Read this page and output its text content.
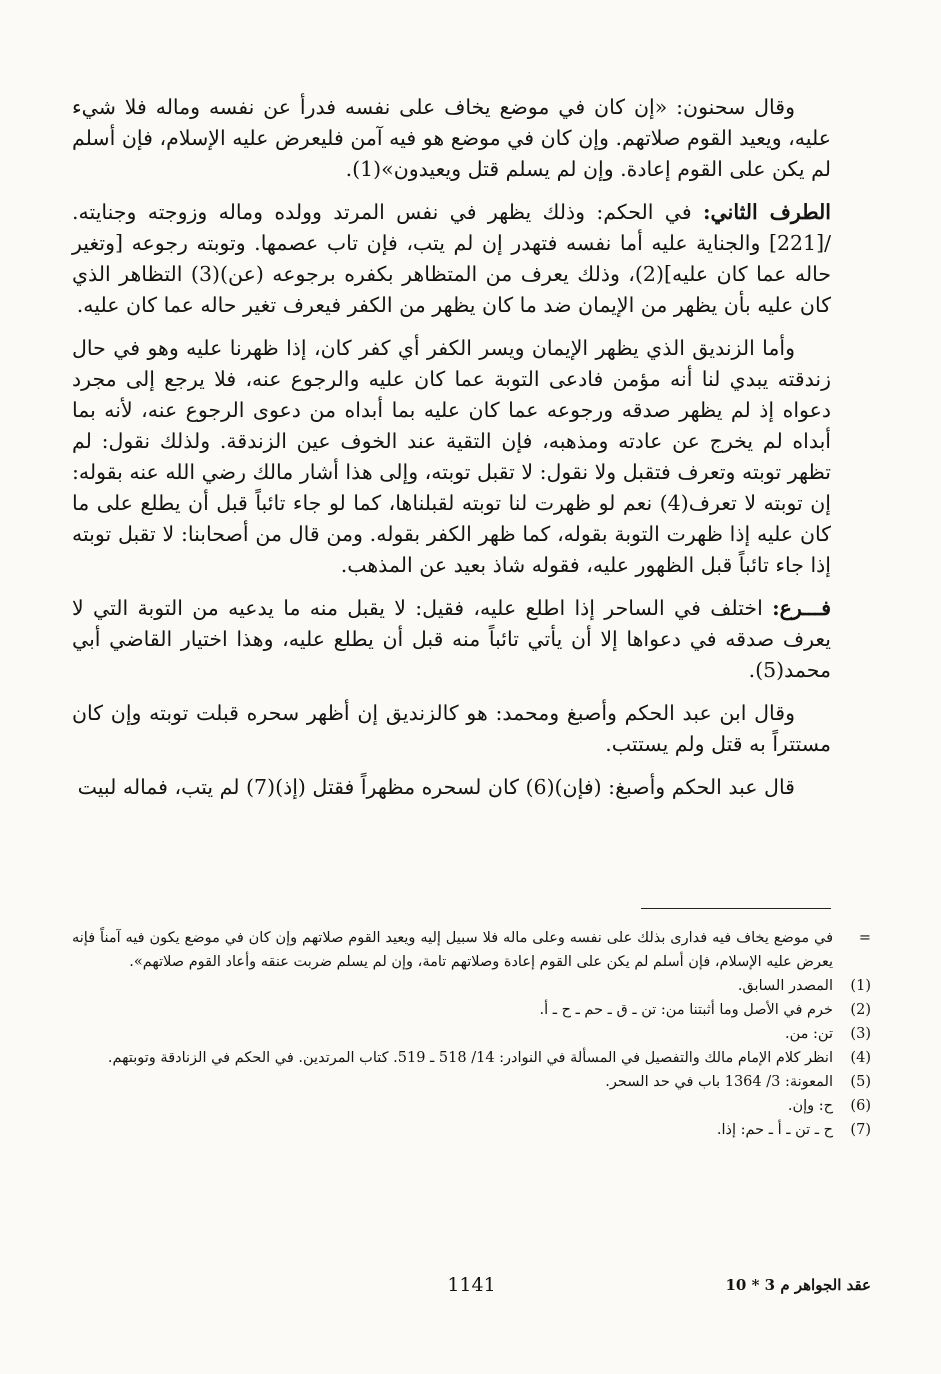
وقال سحنون: «إن كان في موضع يخاف على نفسه فدرأ عن نفسه وماله فلا شيء عليه، ويعيد القوم صلاتهم. وإن كان في موضع هو فيه آمن فليعرض عليه الإسلام، فإن أسلم لم يكن على القوم إعادة. وإن لم يسلم قتل ويعيدون»(1).

الطرف الثاني: في الحكم: وذلك يظهر في نفس المرتد وولده وماله وزوجته وجنايته. /[221] والجناية عليه أما نفسه فتهدر إن لم يتب، فإن تاب عصمها. وتوبته رجوعه [وتغير حاله عما كان عليه](2)، وذلك يعرف من المتظاهر بكفره برجوعه (عن)(3) التظاهر الذي كان عليه بأن يظهر من الإيمان ضد ما كان يظهر من الكفر فيعرف تغير حاله عما كان عليه.

وأما الزنديق الذي يظهر الإيمان ويسر الكفر أي كفر كان، إذا ظهرنا عليه وهو في حال زندقته يبدي لنا أنه مؤمن فادعى التوبة عما كان عليه والرجوع عنه، فلا يرجع إلى مجرد دعواه إذ لم يظهر صدقه ورجوعه عما كان عليه بما أبداه من دعوى الرجوع عنه، لأنه بما أبداه لم يخرج عن عادته ومذهبه، فإن التقية عند الخوف عين الزندقة. ولذلك نقول: لم تظهر توبته وتعرف فتقبل ولا نقول: لا تقبل توبته، وإلى هذا أشار مالك رضي الله عنه بقوله: إن توبته لا تعرف(4) نعم لو ظهرت لنا توبته لقبلناها، كما لو جاء تائباً قبل أن يطلع على ما كان عليه إذا ظهرت التوبة بقوله، كما ظهر الكفر بقوله. ومن قال من أصحابنا: لا تقبل توبته إذا جاء تائباً قبل الظهور عليه، فقوله شاذ بعيد عن المذهب.

فـــرع: اختلف في الساحر إذا اطلع عليه، فقيل: لا يقبل منه ما يدعيه من التوبة التي لا يعرف صدقه في دعواها إلا أن يأتي تائباً منه قبل أن يطلع عليه، وهذا اختيار القاضي أبي محمد(5).

وقال ابن عبد الحكم وأصبغ ومحمد: هو كالزنديق إن أظهر سحره قبلت توبته وإن كان مستتراً به قتل ولم يستتب.

قال عبد الحكم وأصبغ: (فإن)(6) كان لسحره مظهراً فقتل (إذ)(7) لم يتب، فماله لبيت

=
في موضع يخاف فيه فدارى بذلك على نفسه وعلى ماله فلا سبيل إليه ويعيد القوم صلاتهم وإن كان في موضع يكون فيه آمناً فإنه يعرض عليه الإسلام، فإن أسلم لم يكن على القوم إعادة وصلاتهم تامة، وإن لم يسلم ضربت عنقه وأعاد القوم صلاتهم».
(1)
المصدر السابق.
(2)
خرم في الأصل وما أثبتنا من: تن ـ ق ـ حم ـ ح ـ أ.
(3)
تن: من.
(4)
انظر كلام الإمام مالك والتفصيل في المسألة في النوادر: 14/ 518 ـ 519. كتاب المرتدين. في الحكم في الزنادقة وتوبتهم.
(5)
المعونة: 3/ 1364 باب في حد السحر.
(6)
ح: وإن.
(7)
ح ـ تن ـ أ ـ حم: إذا.
عقد الجواهر م 3 * 10
1141
